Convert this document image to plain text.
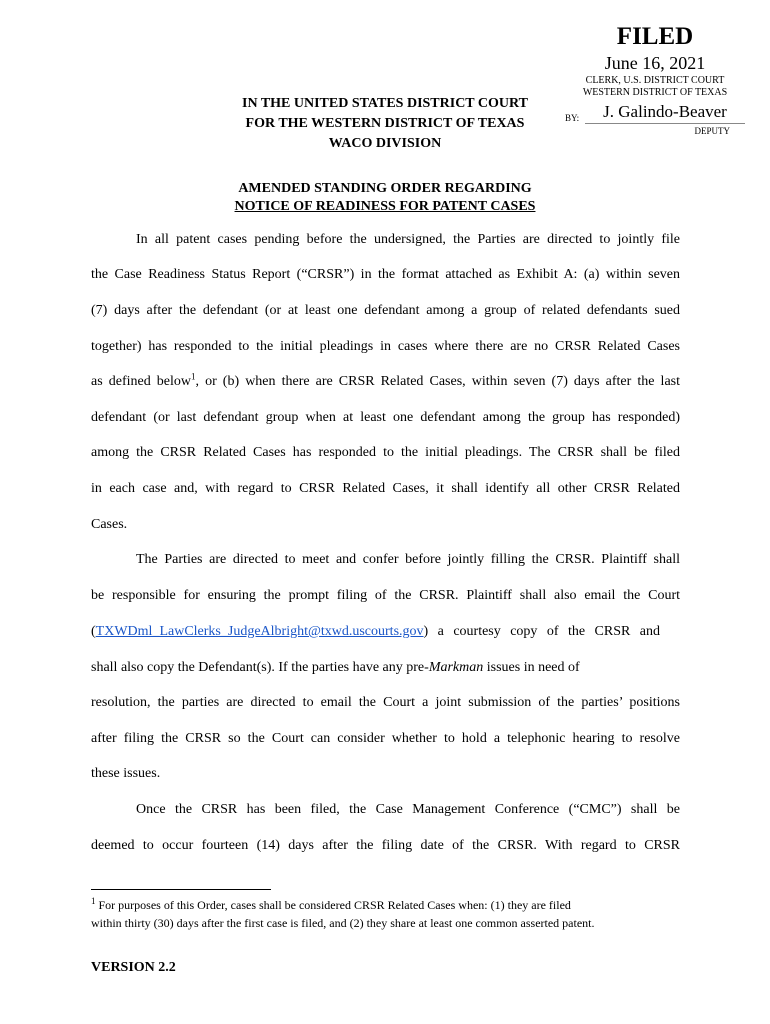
FILED
June 16, 2021
CLERK, U.S. DISTRICT COURT
WESTERN DISTRICT OF TEXAS
BY:	J. Galindo-Beaver
DEPUTY
IN THE UNITED STATES DISTRICT COURT
FOR THE WESTERN DISTRICT OF TEXAS
WACO DIVISION
AMENDED STANDING ORDER REGARDING
NOTICE OF READINESS FOR PATENT CASES
In all patent cases pending before the undersigned, the Parties are directed to jointly file
the Case Readiness Status Report (“CRSR”) in the format attached as Exhibit A: (a) within seven
(7) days after the defendant (or at least one defendant among a group of related defendants sued
together) has responded to the initial pleadings in cases where there are no CRSR Related Cases
as defined below$^1$, or (b) when there are CRSR Related Cases, within seven (7) days after the last
defendant (or last defendant group when at least one defendant among the group has responded)
among the CRSR Related Cases has responded to the initial pleadings. The CRSR shall be filed
in each case and, with regard to CRSR Related Cases, it shall identify all other CRSR Related
Cases.
The Parties are directed to meet and confer before jointly filling the CRSR. Plaintiff shall
be responsible for ensuring the prompt filing of the CRSR. Plaintiff shall also email the Court
(TXWDml_LawClerks_JudgeAlbright@txwd.uscourts.gov) a courtesy copy of the CRSR and
shall also copy the Defendant(s). If the parties have any pre-Markman issues in need of
resolution, the parties are directed to email the Court a joint submission of the parties’ positions
after filing the CRSR so the Court can consider whether to hold a telephonic hearing to resolve
these issues.
Once the CRSR has been filed, the Case Management Conference (“CMC”) shall be
deemed to occur fourteen (14) days after the filing date of the CRSR. With regard to CRSR
$^1$ For purposes of this Order, cases shall be considered CRSR Related Cases when: (1) they are filed
within thirty (30) days after the first case is filed, and (2) they share at least one common asserted patent.
VERSION 2.2
